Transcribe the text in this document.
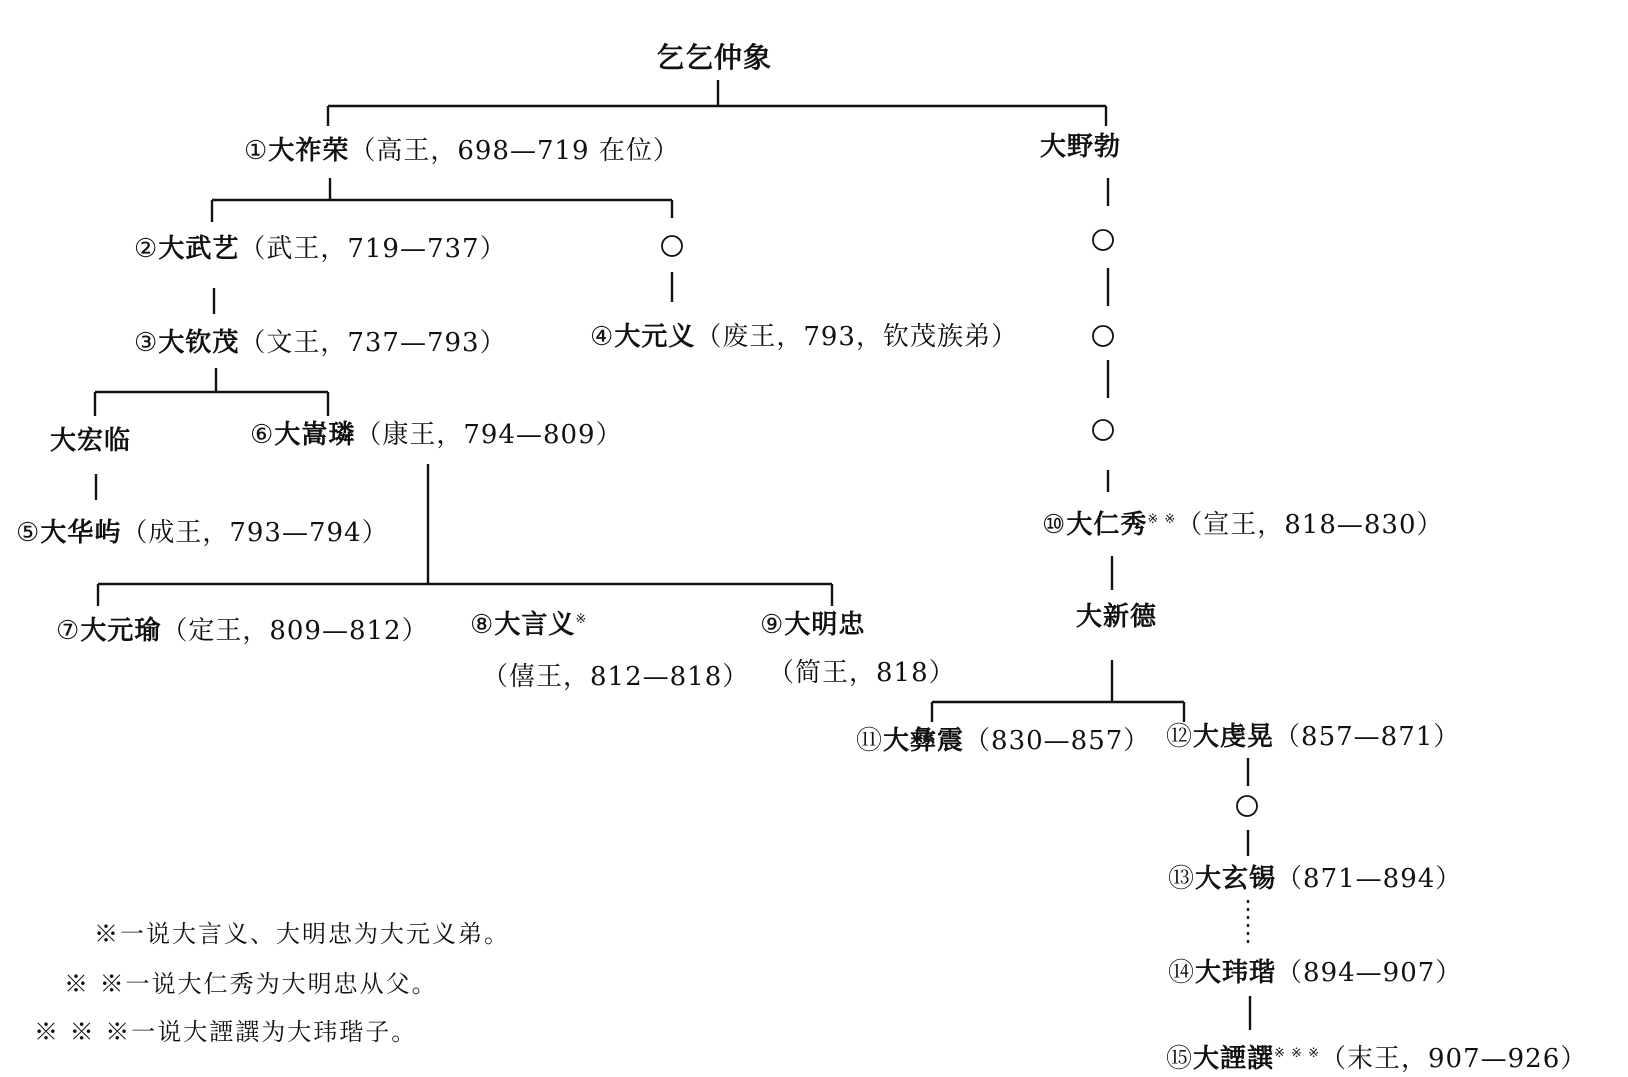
乞乞仲象
①大祚荣（高王，698—719 在位）	大野勃
②大武艺（武王，719—737）
③大钦茂（文王，737—793）	④大元义（废王，793，钦茂族弟）
大宏临	⑥大嵩璘（康王，794—809）
⑤大华屿（成王，793—794）
⑦大元瑜（定王，809—812） ⑧大言义※
（僖王，812—818）
⑨大明忠
（简王，818）
⑩大仁秀※ ※（宣王，818—830）
大新德
⑪大彝震（830—857） ⑫大虔晃（857—871）
⑬大玄锡（871—894）
⑭大玮瑎（894—907）
⑮大諲譔※ ※ ※（末王，907—926）
※一说大言义、大明忠为大元义弟。
※ ※一说大仁秀为大明忠从父。
※ ※ ※一说大諲譔为大玮瑎子。
